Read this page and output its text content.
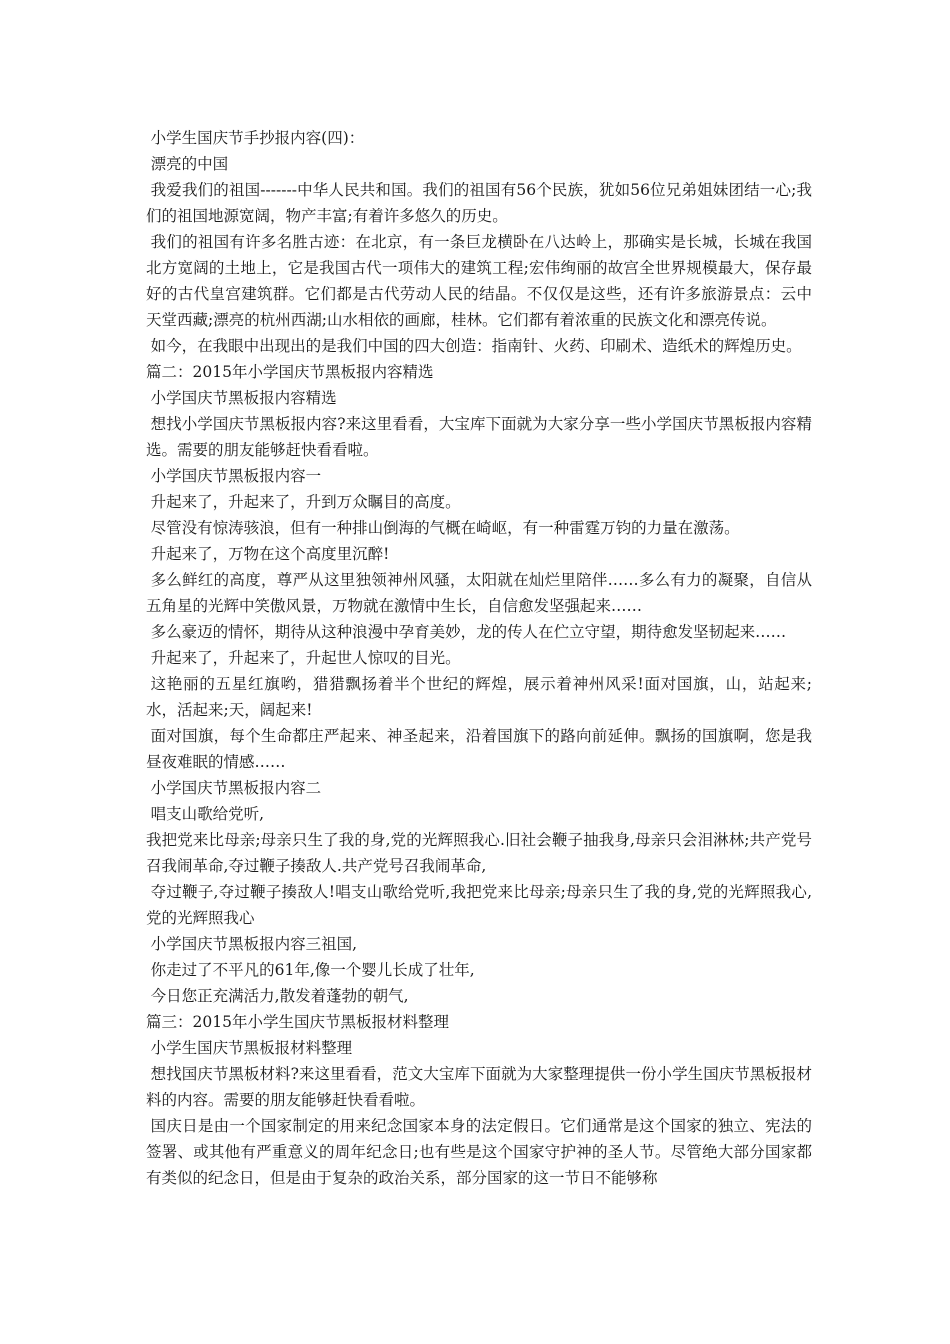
小学生国庆节手抄报内容(四)：

漂亮的中国

我爱我们的祖国-------中华人民共和国。我们的祖国有56个民族，犹如56位兄弟姐妹团结一心;我们的祖国地源宽阔，物产丰富;有着许多悠久的历史。

我们的祖国有许多名胜古迹：在北京，有一条巨龙横卧在八达岭上，那确实是长城，长城在我国北方宽阔的土地上，它是我国古代一项伟大的建筑工程;宏伟绚丽的故宫全世界规模最大，保存最好的古代皇宫建筑群。它们都是古代劳动人民的结晶。不仅仅是这些，还有许多旅游景点：云中天堂西藏;漂亮的杭州西湖;山水相依的画廊，桂林。它们都有着浓重的民族文化和漂亮传说。

如今，在我眼中出现出的是我们中国的四大创造：指南针、火药、印刷术、造纸术的辉煌历史。

篇二：2015年小学国庆节黑板报内容精选

小学国庆节黑板报内容精选

想找小学国庆节黑板报内容?来这里看看，大宝库下面就为大家分享一些小学国庆节黑板报内容精选。需要的朋友能够赶快看看啦。

小学国庆节黑板报内容一

升起来了，升起来了，升到万众瞩目的高度。

尽管没有惊涛骇浪，但有一种排山倒海的气概在崎岖，有一种雷霆万钧的力量在激荡。

升起来了，万物在这个高度里沉醉!

多么鲜红的高度，尊严从这里独领神州风骚，太阳就在灿烂里陪伴……多么有力的凝聚，自信从五角星的光辉中笑傲风景，万物就在激情中生长，自信愈发坚强起来……

多么豪迈的情怀，期待从这种浪漫中孕育美妙，龙的传人在伫立守望，期待愈发坚韧起来……

升起来了，升起来了，升起世人惊叹的目光。

这艳丽的五星红旗哟，猎猎飘扬着半个世纪的辉煌，展示着神州风采!面对国旗，山，站起来;水，活起来;天，阔起来!

面对国旗，每个生命都庄严起来、神圣起来，沿着国旗下的路向前延伸。飘扬的国旗啊，您是我昼夜难眠的情感……

小学国庆节黑板报内容二

唱支山歌给党听,

我把党来比母亲;母亲只生了我的身,党的光辉照我心.旧社会鞭子抽我身,母亲只会泪淋林;共产党号召我闹革命,夺过鞭子揍敌人.共产党号召我闹革命,

夺过鞭子,夺过鞭子揍敌人!唱支山歌给党听,我把党来比母亲;母亲只生了我的身,党的光辉照我心,党的光辉照我心

小学国庆节黑板报内容三祖国,

你走过了不平凡的61年,像一个婴儿长成了壮年,

今日您正充满活力,散发着蓬勃的朝气,

篇三：2015年小学生国庆节黑板报材料整理

小学生国庆节黑板报材料整理

想找国庆节黑板材料?来这里看看，范文大宝库下面就为大家整理提供一份小学生国庆节黑板报材料的内容。需要的朋友能够赶快看看啦。

国庆日是由一个国家制定的用来纪念国家本身的法定假日。它们通常是这个国家的独立、宪法的签署、或其他有严重意义的周年纪念日;也有些是这个国家守护神的圣人节。尽管绝大部分国家都有类似的纪念日，但是由于复杂的政治关系，部分国家的这一节日不能够称
